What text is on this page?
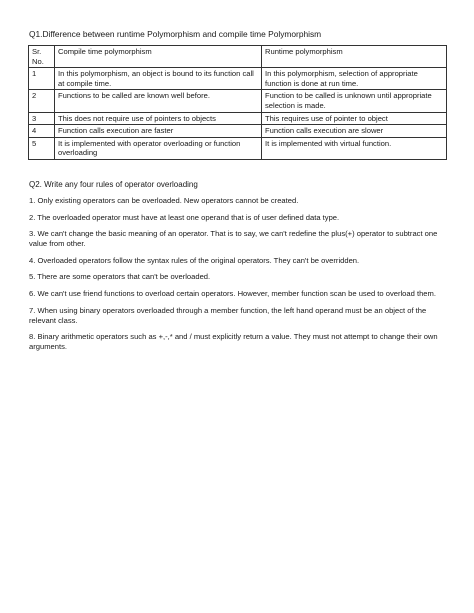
Q1.Difference between runtime Polymorphism and compile time Polymorphism
Sr. No.	Compile time polymorphism	Runtime polymorphism
1	In this polymorphism, an object is bound to its function call at compile time.	In this polymorphism, selection of appropriate function is done at run time.
2	Functions to be called are known well before.	Function to be called is unknown until appropriate selection is made.
3	This does not require use of pointers to objects	This requires use of pointer to object
4	Function calls execution are faster	Function calls execution are slower
5	It is implemented with operator overloading or function overloading	It is implemented with virtual function.
Q2. Write any four rules of operator overloading
1. Only existing operators can be overloaded. New operators cannot be created.
2. The overloaded operator must have at least one operand that is of user defined data type.
3. We can't change the basic meaning of an operator. That is to say, we can't redefine the plus(+) operator to subtract one value from other.
4. Overloaded operators follow the syntax rules of the original operators. They can't be overridden.
5. There are some operators that can't be overloaded.
6. We can't use friend functions to overload certain operators. However, member function scan be used to overload them.
7. When using binary operators overloaded through a member function, the left hand operand must be an object of the relevant class.
8. Binary arithmetic operators such as +,-,* and / must explicitly return a value. They must not attempt to change their own arguments.
